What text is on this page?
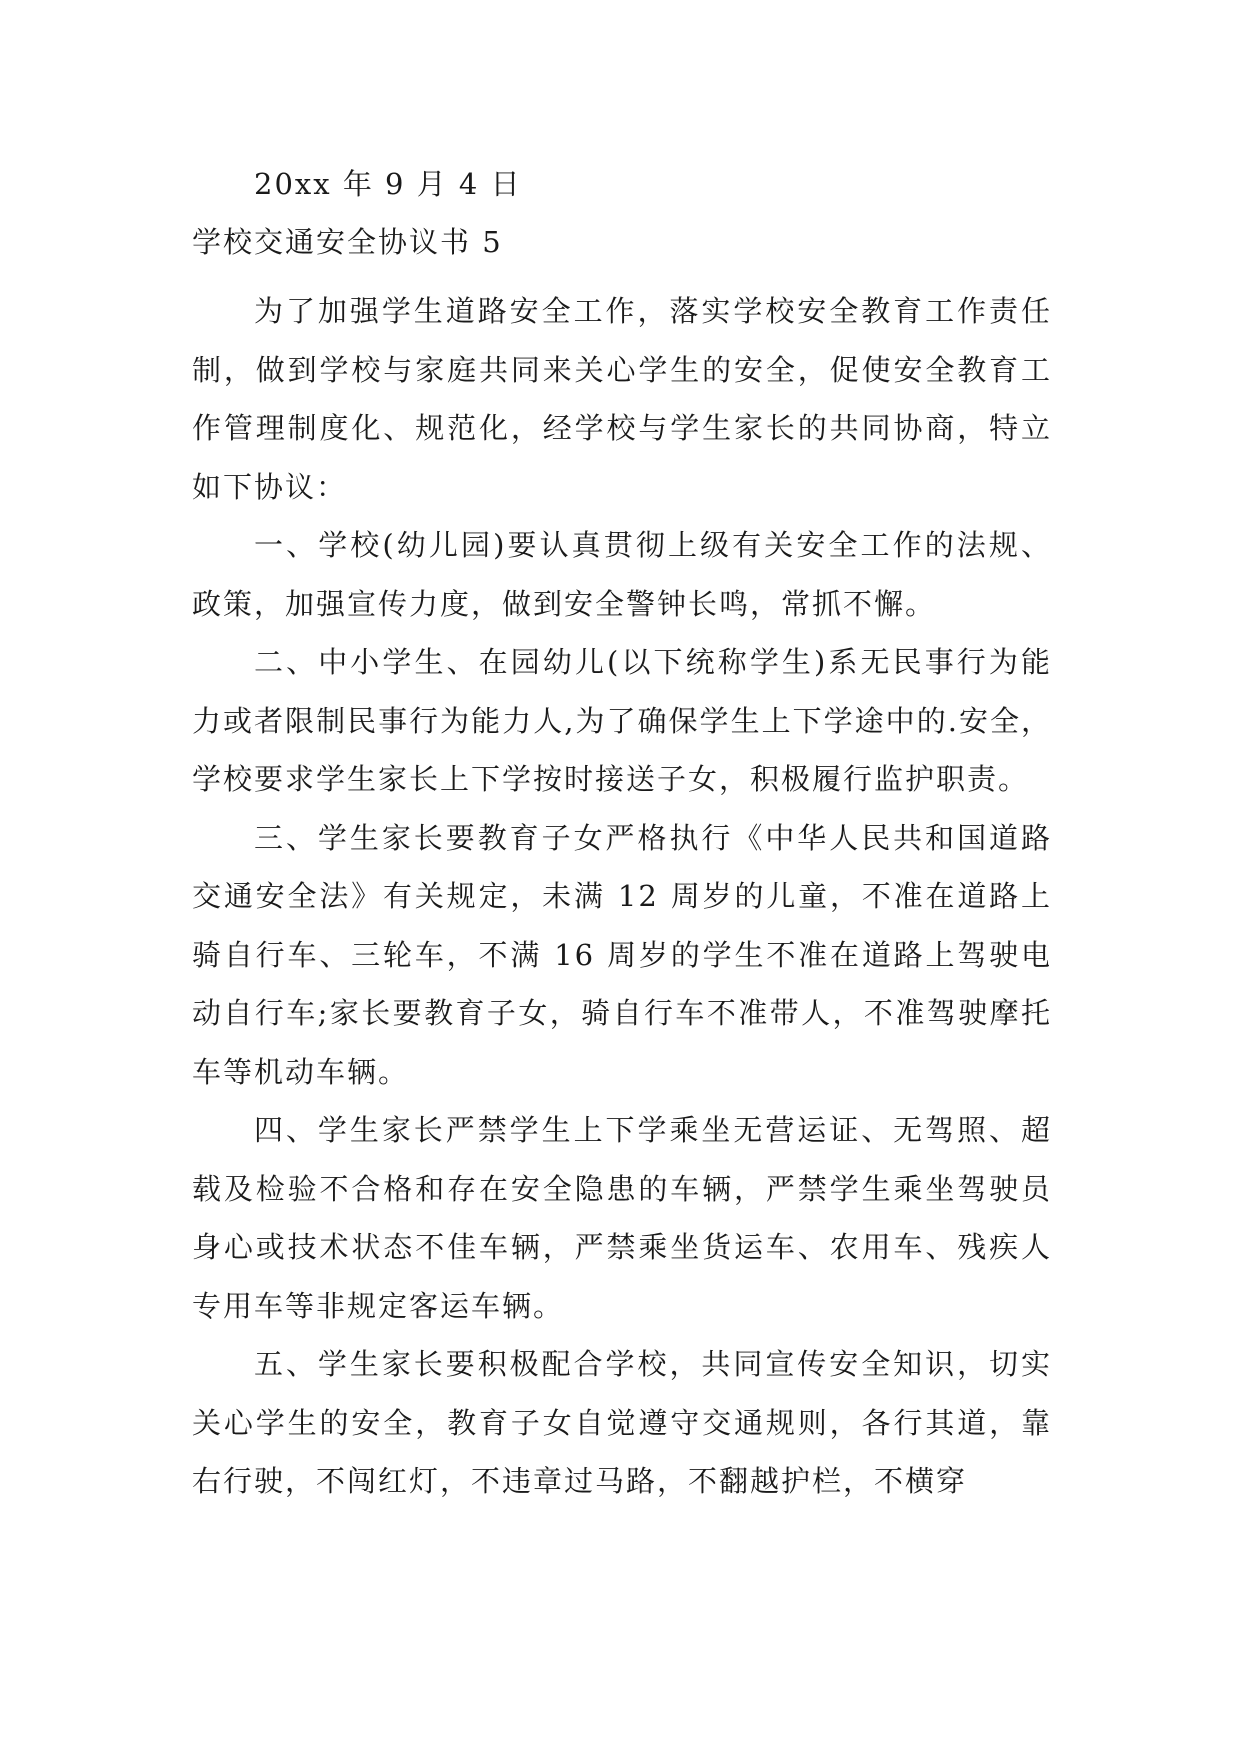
20xx 年 9 月 4 日

学校交通安全协议书 5

为了加强学生道路安全工作，落实学校安全教育工作责任制，做到学校与家庭共同来关心学生的安全，促使安全教育工作管理制度化、规范化，经学校与学生家长的共同协商，特立如下协议：

一、学校(幼儿园)要认真贯彻上级有关安全工作的法规、政策，加强宣传力度，做到安全警钟长鸣，常抓不懈。

二、中小学生、在园幼儿(以下统称学生)系无民事行为能力或者限制民事行为能力人,为了确保学生上下学途中的.安全，学校要求学生家长上下学按时接送子女，积极履行监护职责。

三、学生家长要教育子女严格执行《中华人民共和国道路交通安全法》有关规定，未满 12 周岁的儿童，不准在道路上骑自行车、三轮车，不满 16 周岁的学生不准在道路上驾驶电动自行车;家长要教育子女，骑自行车不准带人，不准驾驶摩托车等机动车辆。

四、学生家长严禁学生上下学乘坐无营运证、无驾照、超载及检验不合格和存在安全隐患的车辆，严禁学生乘坐驾驶员身心或技术状态不佳车辆，严禁乘坐货运车、农用车、残疾人专用车等非规定客运车辆。

五、学生家长要积极配合学校，共同宣传安全知识，切实关心学生的安全，教育子女自觉遵守交通规则，各行其道，靠右行驶，不闯红灯，不违章过马路，不翻越护栏，不横穿
